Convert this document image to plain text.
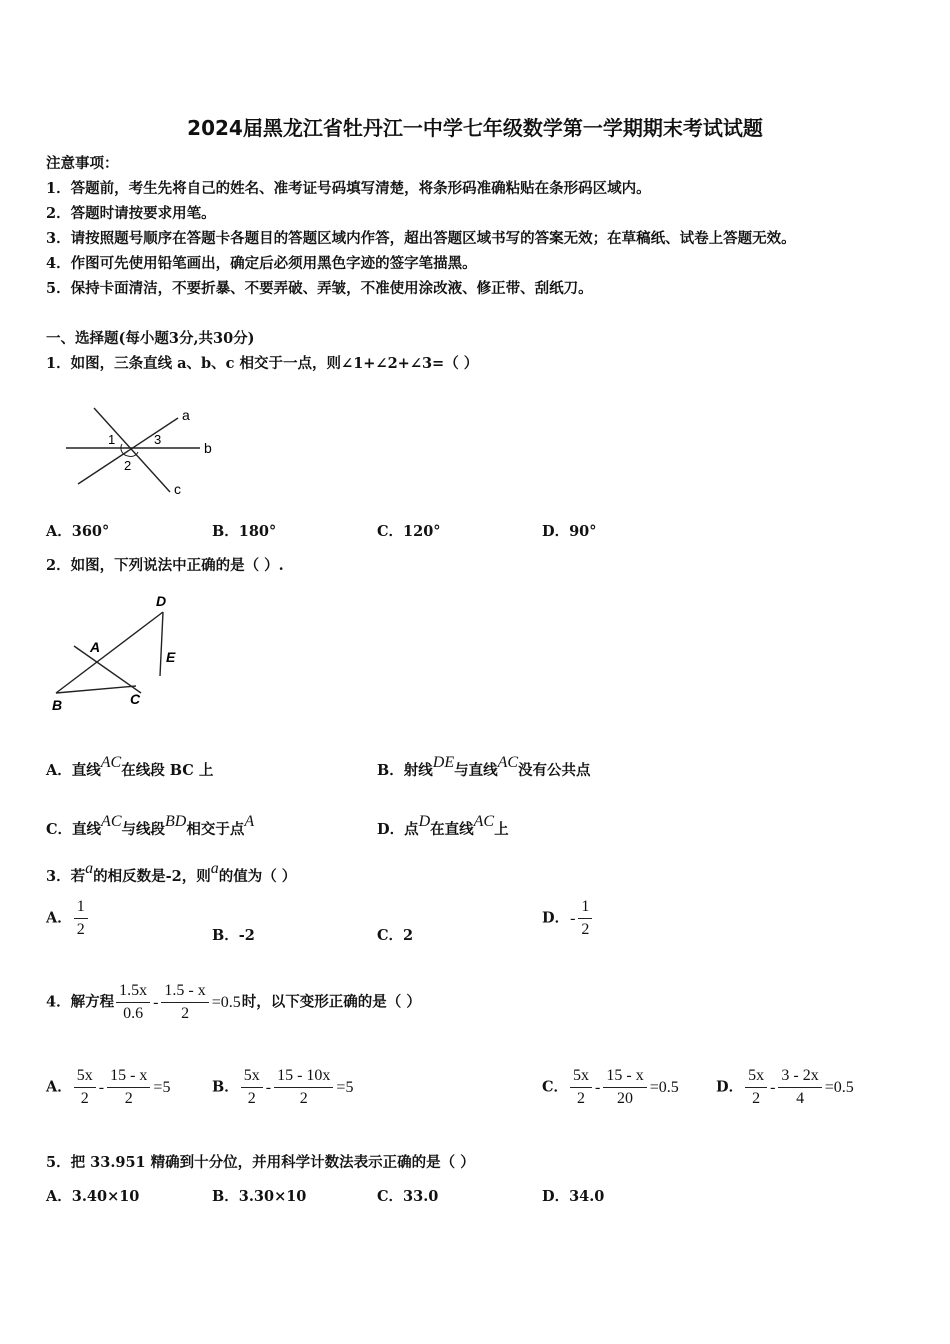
2024届黑龙江省牡丹江一中学七年级数学第一学期期末考试试题
注意事项：
1．答题前，考生先将自己的姓名、准考证号码填写清楚，将条形码准确粘贴在条形码区域内。
2．答题时请按要求用笔。
3．请按照题号顺序在答题卡各题目的答题区域内作答，超出答题区域书写的答案无效；在草稿纸、试卷上答题无效。
4．作图可先使用铅笔画出，确定后必须用黑色字迹的签字笔描黑。
5．保持卡面清洁，不要折暴、不要弄破、弄皱，不准使用涂改液、修正带、刮纸刀。
一、选择题(每小题3分,共30分)
1．如图，三条直线 a、b、c 相交于一点，则∠1+∠2+∠3=（ ）
a
b
c
1
2
3
A．360°	B．180°	C．120°	D．90°
2．如图，下列说法中正确的是（ ）.
D
A
E
B	C
A．直线AC在线段 BC 上	B．射线DE与直线AC没有公共点
C．直线AC与线段BD相交于点A	D．点D在直线AC上
3．若a的相反数是-2，则a的值为（ ）
A． $\frac{1}{2}$	B．-2	C．2
D．- $\frac{1}{2}$
4．解方程 $\frac{1.5x}{0.6} - \frac{1.5 - x}{2} =0.5$时，以下变形正确的是（ ）
A． $\frac{5x}{2} - \frac{15 - x}{2} =5$	B． $\frac{5x}{2} - \frac{15 - 10x}{2} =5$	C． $\frac{5x}{2} - \frac{15 - x}{20} =0.5$	D． $\frac{5x}{2} - \frac{3 - 2x}{4} =0.5$
5．把 33.951 精确到十分位，并用科学计数法表示正确的是（ ）
A．3.40×10	B．3.30×10	C．33.0	D．34.0
